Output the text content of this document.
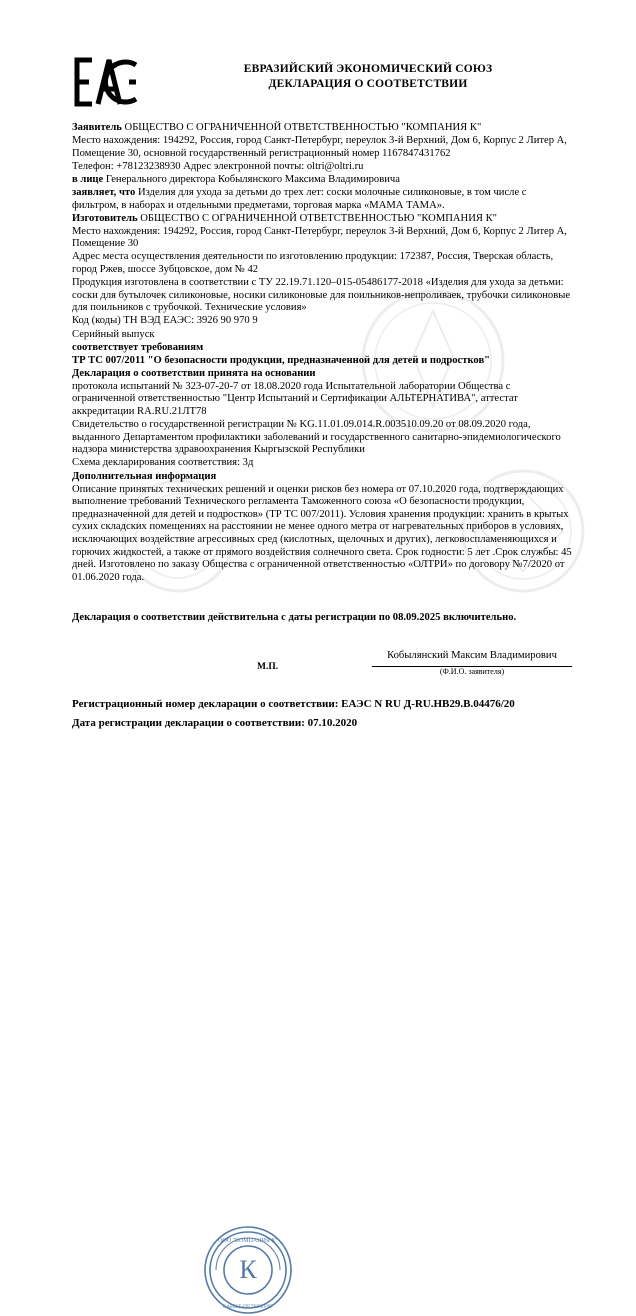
ЕВРАЗИЙСКИЙ ЭКОНОМИЧЕСКИЙ СОЮЗ
ДЕКЛАРАЦИЯ О СООТВЕТСТВИИ

Заявитель ОБЩЕСТВО С ОГРАНИЧЕННОЙ ОТВЕТСТВЕННОСТЬЮ "КОМПАНИЯ К"

Место нахождения: 194292, Россия, город Санкт-Петербург, переулок 3-й Верхний, Дом 6, Корпус 2 Литер А, Помещение 30, основной государственный регистрационный номер 1167847431762

Телефон: +78123238930 Адрес электронной почты: oltri@oltri.ru

в лице Генерального директора Кобылянского Максима Владимировича

заявляет, что Изделия для ухода за детьми до трех лет: соски молочные силиконовые, в том числе с фильтром, в наборах и отдельными предметами, торговая марка «МАМА ТАМА».

Изготовитель ОБЩЕСТВО С ОГРАНИЧЕННОЙ ОТВЕТСТВЕННОСТЬЮ "КОМПАНИЯ К"

Место нахождения: 194292, Россия, город Санкт-Петербург, переулок 3-й Верхний, Дом 6, Корпус 2 Литер А, Помещение 30

Адрес места осуществления деятельности по изготовлению продукции: 172387, Россия, Тверская область, город Ржев, шоссе Зубцовское, дом № 42

Продукция изготовлена в соответствии с ТУ 22.19.71.120–015-05486177-2018 «Изделия для ухода за детьми: соски для бутылочек силиконовые, носики силиконовые для поильников-непроливаек, трубочки силиконовые для поильников с трубочкой. Технические условия»

Код (коды) ТН ВЭД ЕАЭС: 3926 90 970 9

Серийный выпуск

соответствует требованиям

ТР ТС 007/2011 "О безопасности продукции, предназначенной для детей и подростков"

Декларация о соответствии принята на основании

протокола испытаний № 323-07-20-7 от 18.08.2020 года Испытательной лаборатории Общества с ограниченной ответственностью "Центр Испытаний и Сертификации АЛЬТЕРНАТИВА", аттестат аккредитации RA.RU.21ЛТ78

Свидетельство о государственной регистрации № KG.11.01.09.014.R.003510.09.20 от 08.09.2020 года, выданного Департаментом профилактики заболеваний и государственного санитарно-эпидемиологического надзора министерства здравоохранения Кыргызской Республики

Схема декларирования соответствия: 3д

Дополнительная информация

Описание принятых технических решений и оценки рисков без номера от 07.10.2020 года, подтверждающих выполнение требований Технического регламента Таможенного союза «О безопасности продукции, предназначенной для детей и подростков» (ТР ТС 007/2011). Условия хранения продукции: хранить в крытых сухих складских помещениях на расстоянии не менее одного метра от нагревательных приборов в условиях, исключающих воздействие агрессивных сред (кислотных, щелочных и других), легковоспламеняющихся и горючих жидкостей, а также от прямого воздействия солнечного света. Срок годности: 5 лет .Срок службы: 45 дней. Изготовлено по заказу Общества с ограниченной ответственностью «ОЛТРИ» по договору №7/2020 от 01.06.2020 года.

Декларация о соответствии действительна с даты регистрации по 08.09.2025 включительно.
К
ООО "КОМПАНИЯ К"
САНКТ-ПЕТЕРБУРГ
М.П.
Кобылянский Максим Владимирович
(Ф.И.О. заявителя)
Регистрационный номер декларации о соответствии: ЕАЭС N RU Д-RU.НВ29.В.04476/20
Дата регистрации декларации о соответствии: 07.10.2020
